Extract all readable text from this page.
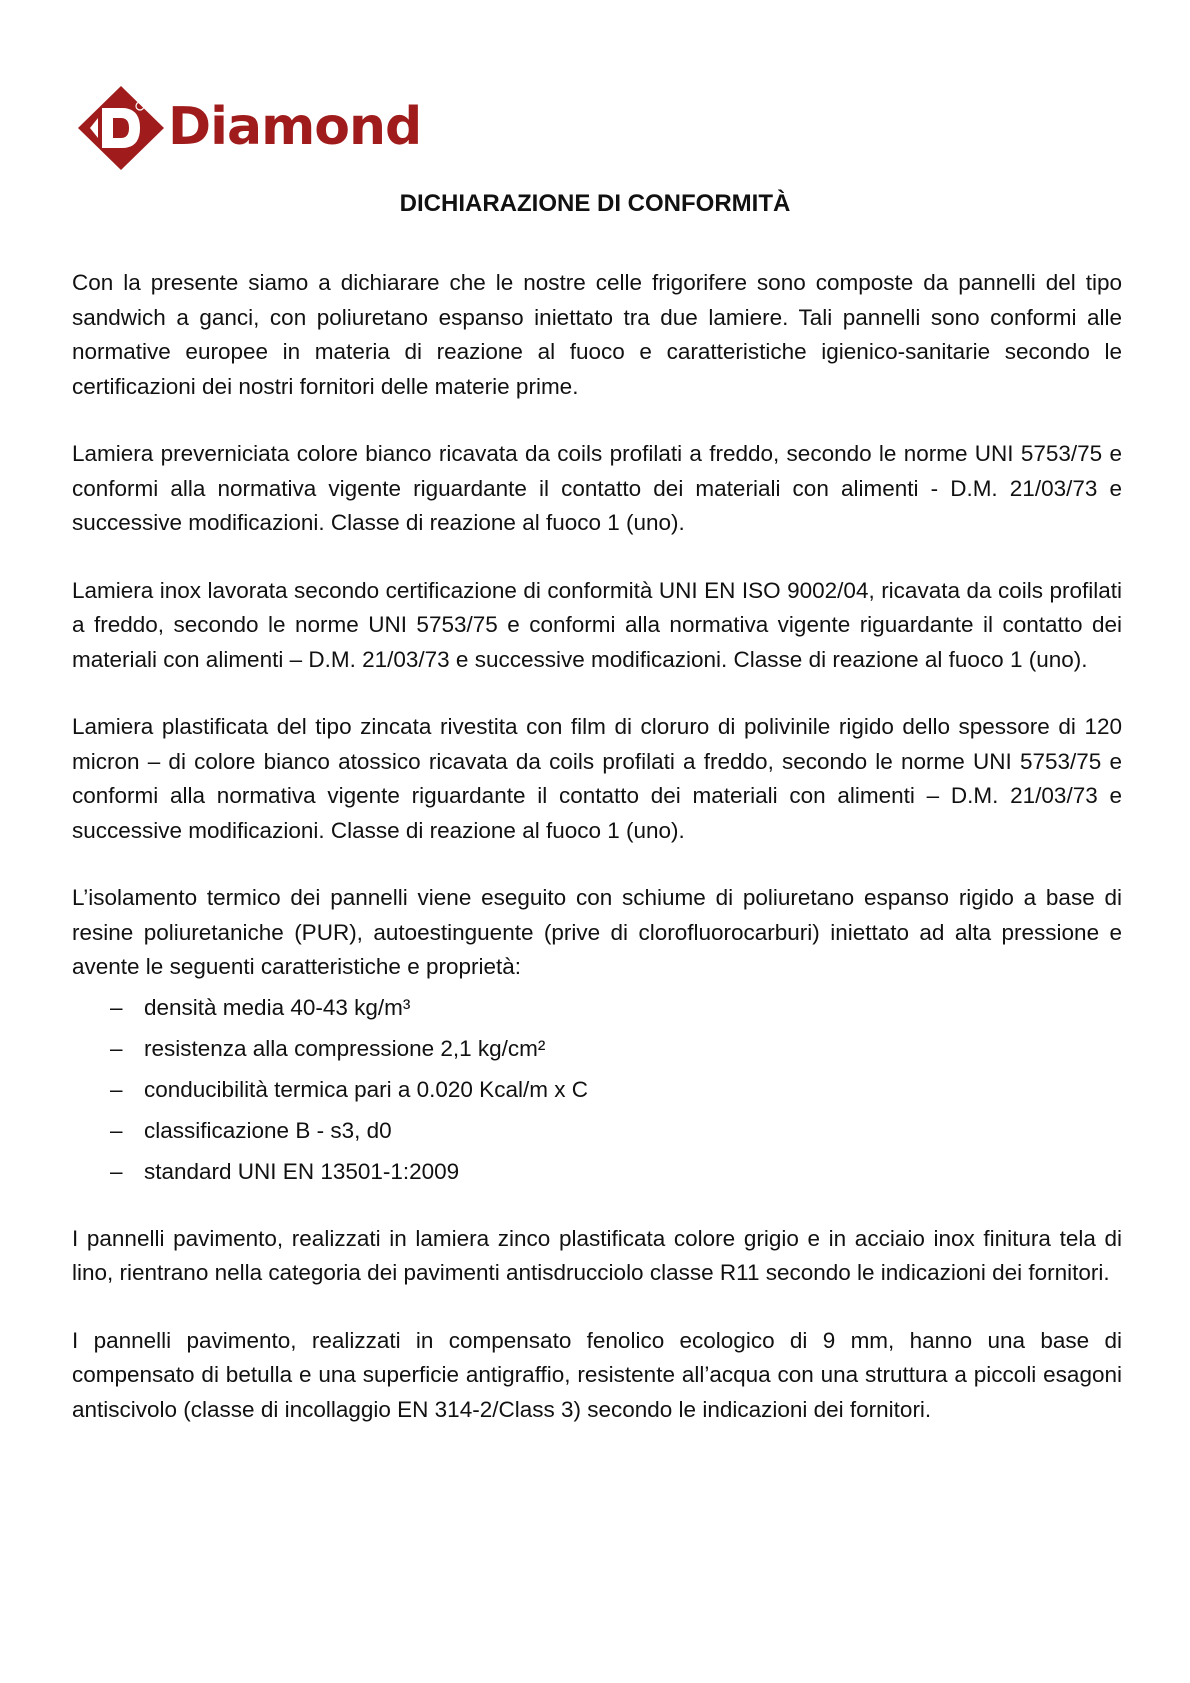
Diamond
DICHIARAZIONE DI CONFORMITÀ

Con la presente siamo a dichiarare che le nostre celle frigorifere sono composte da pannelli del tipo sandwich a ganci, con poliuretano espanso iniettato tra due lamiere. Tali pannelli sono conformi alle normative europee in materia di reazione al fuoco e caratteristiche igienico-sanitarie secondo le certificazioni dei nostri fornitori delle materie prime.

Lamiera preverniciata colore bianco ricavata da coils profilati a freddo, secondo le norme UNI 5753/75 e conformi alla normativa vigente riguardante il contatto dei materiali con alimenti - D.M. 21/03/73 e successive modificazioni. Classe di reazione al fuoco 1 (uno).

Lamiera inox lavorata secondo certificazione di conformità UNI EN ISO 9002/04, ricavata da coils profilati a freddo, secondo le norme UNI 5753/75 e conformi alla normativa vigente riguardante il contatto dei materiali con alimenti – D.M. 21/03/73 e successive modificazioni. Classe di reazione al fuoco 1 (uno).

Lamiera plastificata del tipo zincata rivestita con film di cloruro di polivinile rigido dello spessore di 120 micron – di colore bianco atossico ricavata da coils profilati a freddo, secondo le norme UNI 5753/75 e conformi alla normativa vigente riguardante il contatto dei materiali con alimenti – D.M. 21/03/73 e successive modificazioni. Classe di reazione al fuoco 1 (uno).

L’isolamento termico dei pannelli viene eseguito con schiume di poliuretano espanso rigido a base di resine poliuretaniche (PUR), autoestinguente (prive di clorofluorocarburi) iniettato ad alta pressione e avente le seguenti caratteristiche e proprietà:

– densità media 40-43 kg/m³
– resistenza alla compressione 2,1 kg/cm²
– conducibilità termica pari a 0.020 Kcal/m x C
– classificazione B - s3, d0
– standard UNI EN 13501-1:2009

I pannelli pavimento, realizzati in lamiera zinco plastificata colore grigio e in acciaio inox finitura tela di lino, rientrano nella categoria dei pavimenti antisdrucciolo classe R11 secondo le indicazioni dei fornitori.

I pannelli pavimento, realizzati in compensato fenolico ecologico di 9 mm, hanno una base di compensato di betulla e una superficie antigraffio, resistente all’acqua con una struttura a piccoli esagoni antiscivolo (classe di incollaggio EN 314-2/Class 3) secondo le indicazioni dei fornitori.
